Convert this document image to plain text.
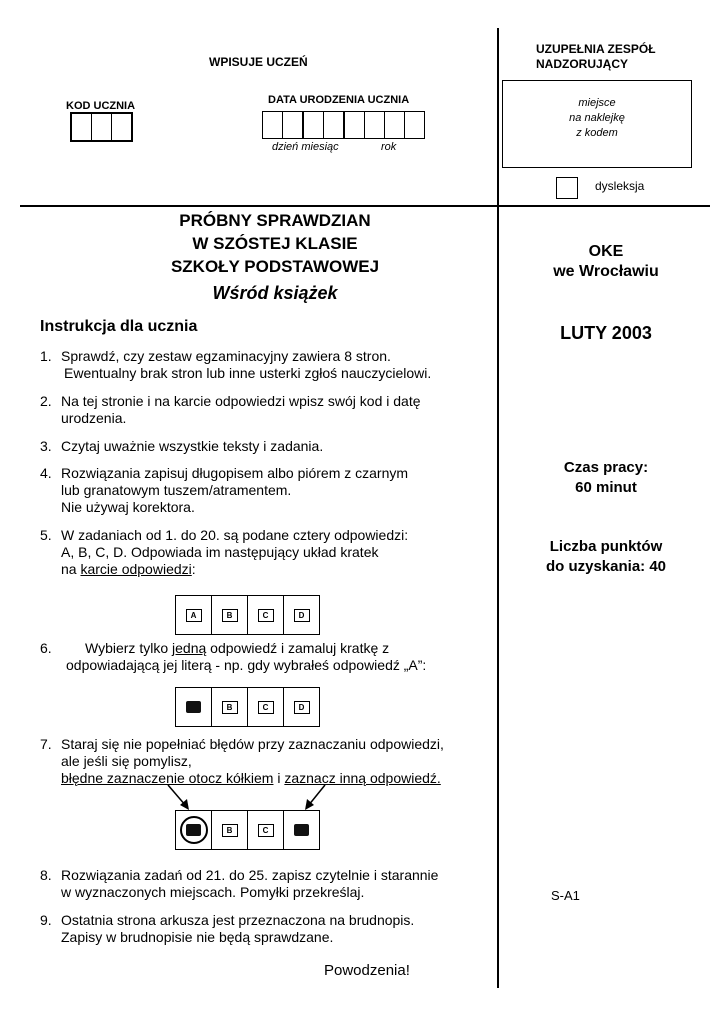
WPISUJE UCZEŃ
KOD UCZNIA	DATA URODZENIA UCZNIA
dzień miesiąc	rok
UZUPEŁNIA ZESPÓŁ
NADZORUJĄCY
miejsce
na naklejkę
z kodem
dysleksja
PRÓBNY SPRAWDZIAN
W SZÓSTEJ KLASIE
SZKOŁY PODSTAWOWEJ
Wśród książek
OKE
we Wrocławiu
LUTY 2003
Czas pracy:
60 minut
Liczba punktów
do uzyskania: 40
S-A1
Instrukcja dla ucznia
1. Sprawdź, czy zestaw egzaminacyjny zawiera 8 stron.
Ewentualny brak stron lub inne usterki zgłoś nauczycielowi.
2. Na tej stronie i na karcie odpowiedzi wpisz swój kod i datę
urodzenia.
3. Czytaj uważnie wszystkie teksty i zadania.
4. Rozwiązania zapisuj długopisem albo piórem z czarnym
lub granatowym tuszem/atramentem.
Nie używaj korektora.
5. W zadaniach od 1. do 20. są podane cztery odpowiedzi:
A, B, C, D. Odpowiada im następujący układ kratek
na karcie odpowiedzi:
A	B	C	D
6.	Wybierz tylko jedną odpowiedź i zamaluj kratkę z
odpowiadającą jej literą - np. gdy wybrałeś odpowiedź „A”:
B	C	D
7. Staraj się nie popełniać błędów przy zaznaczaniu odpowiedzi,
ale jeśli się pomylisz,
błędne zaznaczenie otocz kółkiem i zaznacz inną odpowiedź.
B	C
8. Rozwiązania zadań od 21. do 25. zapisz czytelnie i starannie
w wyznaczonych miejscach. Pomyłki przekreślaj.
9. Ostatnia strona arkusza jest przeznaczona na brudnopis.
Zapisy w brudnopisie nie będą sprawdzane.
Powodzenia!
